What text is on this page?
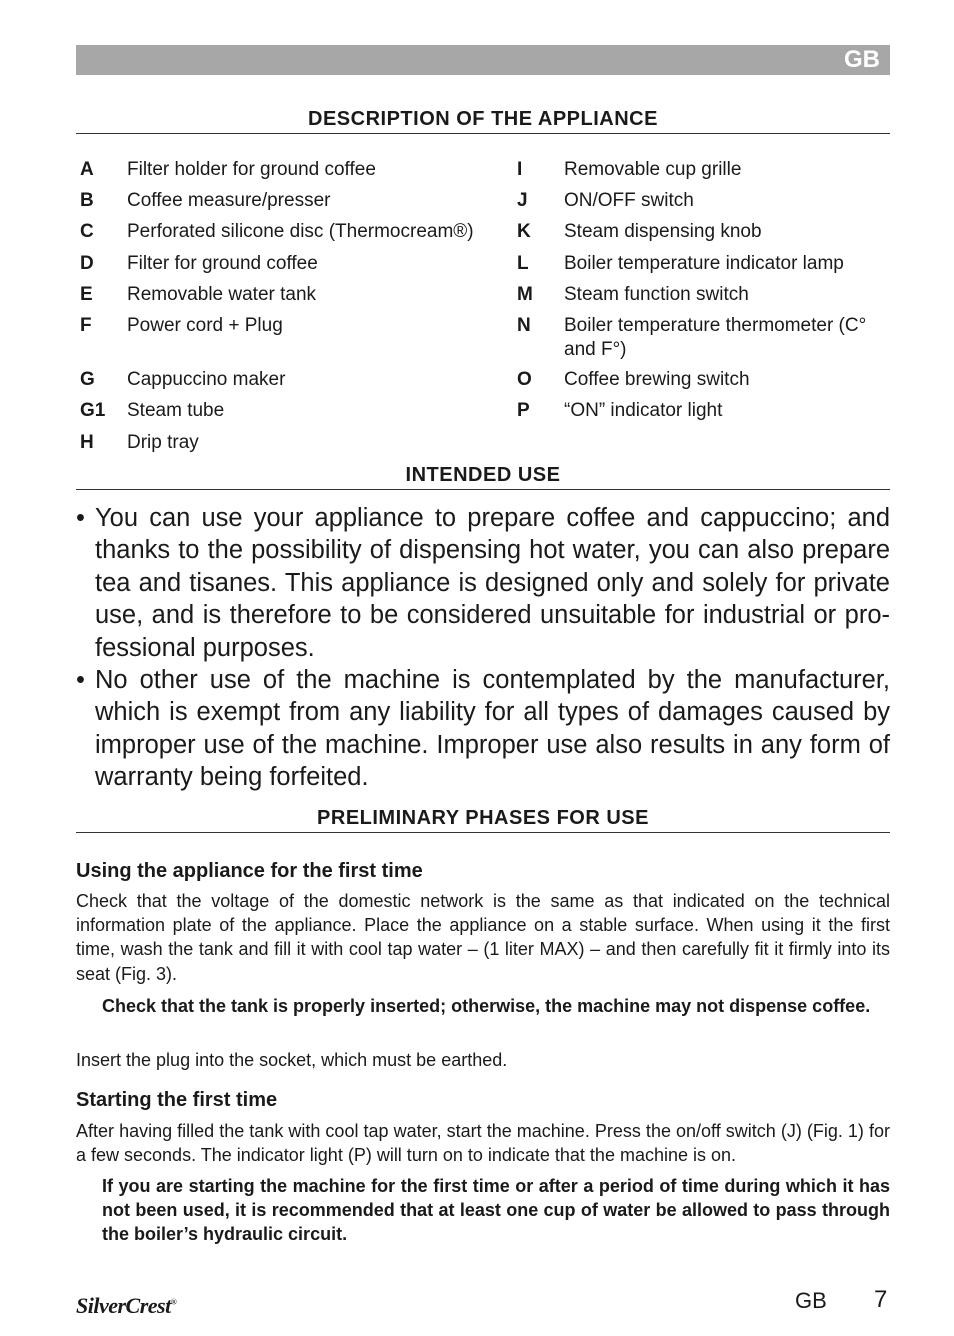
GB
DESCRIPTION OF THE APPLIANCE
A Filter holder for ground coffee
B Coffee measure/presser
C Perforated silicone disc (Thermocream®)
D Filter for ground coffee
E Removable water tank
F Power cord + Plug
G Cappuccino maker
G1 Steam tube
H Drip tray
I Removable cup grille
J ON/OFF switch
K Steam dispensing knob
L Boiler temperature indicator lamp
M Steam function switch
N Boiler temperature thermometer (C° and F°)
O Coffee brewing switch
P “ON” indicator light
INTENDED USE

• You can use your appliance to prepare coffee and cappuccino; and thanks to the possibility of dispensing hot water, you can also prepare tea and tisanes. This appliance is designed only and solely for private use, and is therefore to be considered unsuitable for industrial or pro-fessional purposes.

• No other use of the machine is contemplated by the manufacturer, which is exempt from any liability for all types of damages caused by improper use of the machine. Improper use also results in any form of warranty being forfeited.

PRELIMINARY PHASES FOR USE
Using the appliance for the first time

Check that the voltage of the domestic network is the same as that indicated on the technical information plate of the appliance. Place the appliance on a stable surface. When using it the first time, wash the tank and fill it with cool tap water – (1 liter MAX) – and then carefully fit it firmly into its seat (Fig. 3).

Check that the tank is properly inserted; otherwise, the machine may not dispense coffee.

Insert the plug into the socket, which must be earthed.

Starting the first time

After having filled the tank with cool tap water, start the machine. Press the on/off switch (J) (Fig. 1) for a few seconds. The indicator light (P) will turn on to indicate that the machine is on.

If you are starting the machine for the first time or after a period of time during which it has not been used, it is recommended that at least one cup of water be allowed to pass through the boiler’s hydraulic circuit.

SilverCrest®	GB 7
